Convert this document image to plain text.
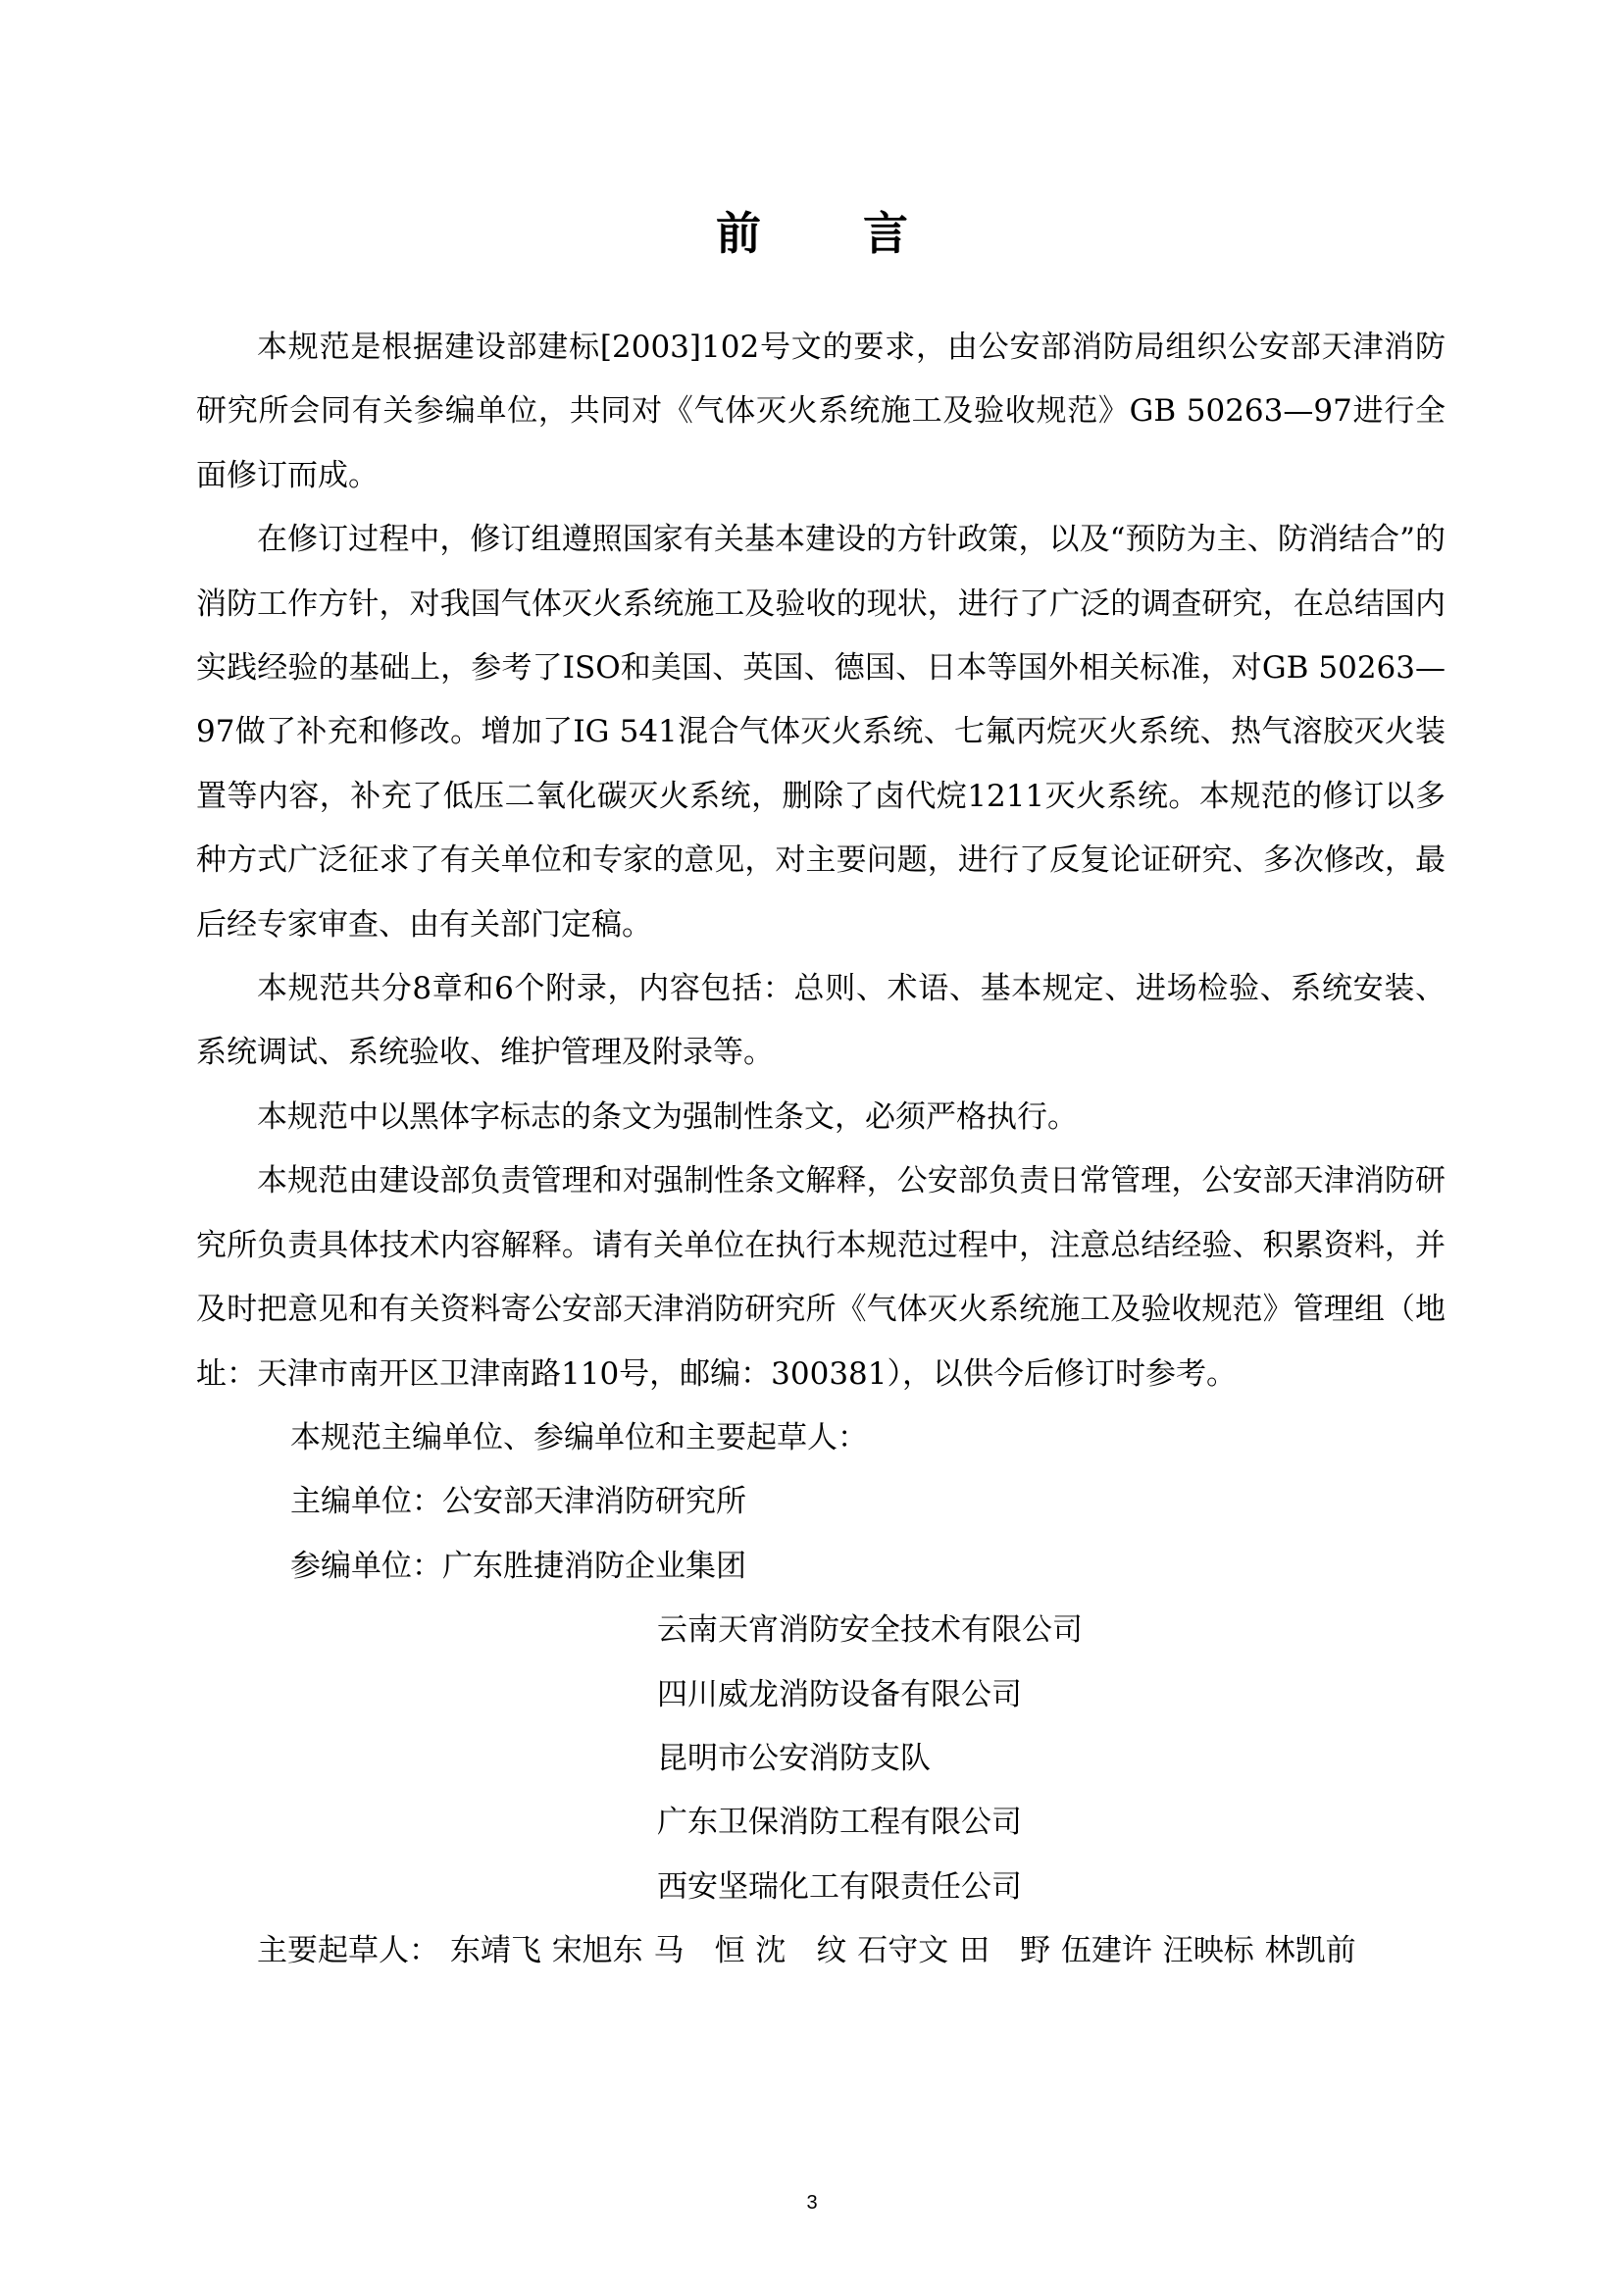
前 言

本规范是根据建设部建标[2003]102号文的要求，由公安部消防局组织公安部天津消防研究所会同有关参编单位，共同对《气体灭火系统施工及验收规范》GB 50263—97进行全面修订而成。

在修订过程中，修订组遵照国家有关基本建设的方针政策，以及“预防为主、防消结合”的消防工作方针，对我国气体灭火系统施工及验收的现状，进行了广泛的调查研究，在总结国内实践经验的基础上，参考了ISO和美国、英国、德国、日本等国外相关标准，对GB 50263—97做了补充和修改。增加了IG 541混合气体灭火系统、七氟丙烷灭火系统、热气溶胶灭火装置等内容，补充了低压二氧化碳灭火系统，删除了卤代烷1211灭火系统。本规范的修订以多种方式广泛征求了有关单位和专家的意见，对主要问题，进行了反复论证研究、多次修改，最后经专家审查、由有关部门定稿。

本规范共分8章和6个附录，内容包括：总则、术语、基本规定、进场检验、系统安装、系统调试、系统验收、维护管理及附录等。

本规范中以黑体字标志的条文为强制性条文，必须严格执行。

本规范由建设部负责管理和对强制性条文解释，公安部负责日常管理，公安部天津消防研究所负责具体技术内容解释。请有关单位在执行本规范过程中，注意总结经验、积累资料，并及时把意见和有关资料寄公安部天津消防研究所《气体灭火系统施工及验收规范》管理组（地址：天津市南开区卫津南路110号，邮编：300381），以供今后修订时参考。

本规范主编单位、参编单位和主要起草人：

主编单位：公安部天津消防研究所

参编单位：广东胜捷消防企业集团

云南天宵消防安全技术有限公司

四川威龙消防设备有限公司

昆明市公安消防支队

广东卫保消防工程有限公司

西安坚瑞化工有限责任公司

主要起草人： 东靖飞 宋旭东 马　恒 沈　纹 石守文 田　野 伍建许 汪映标 林凯前

3
